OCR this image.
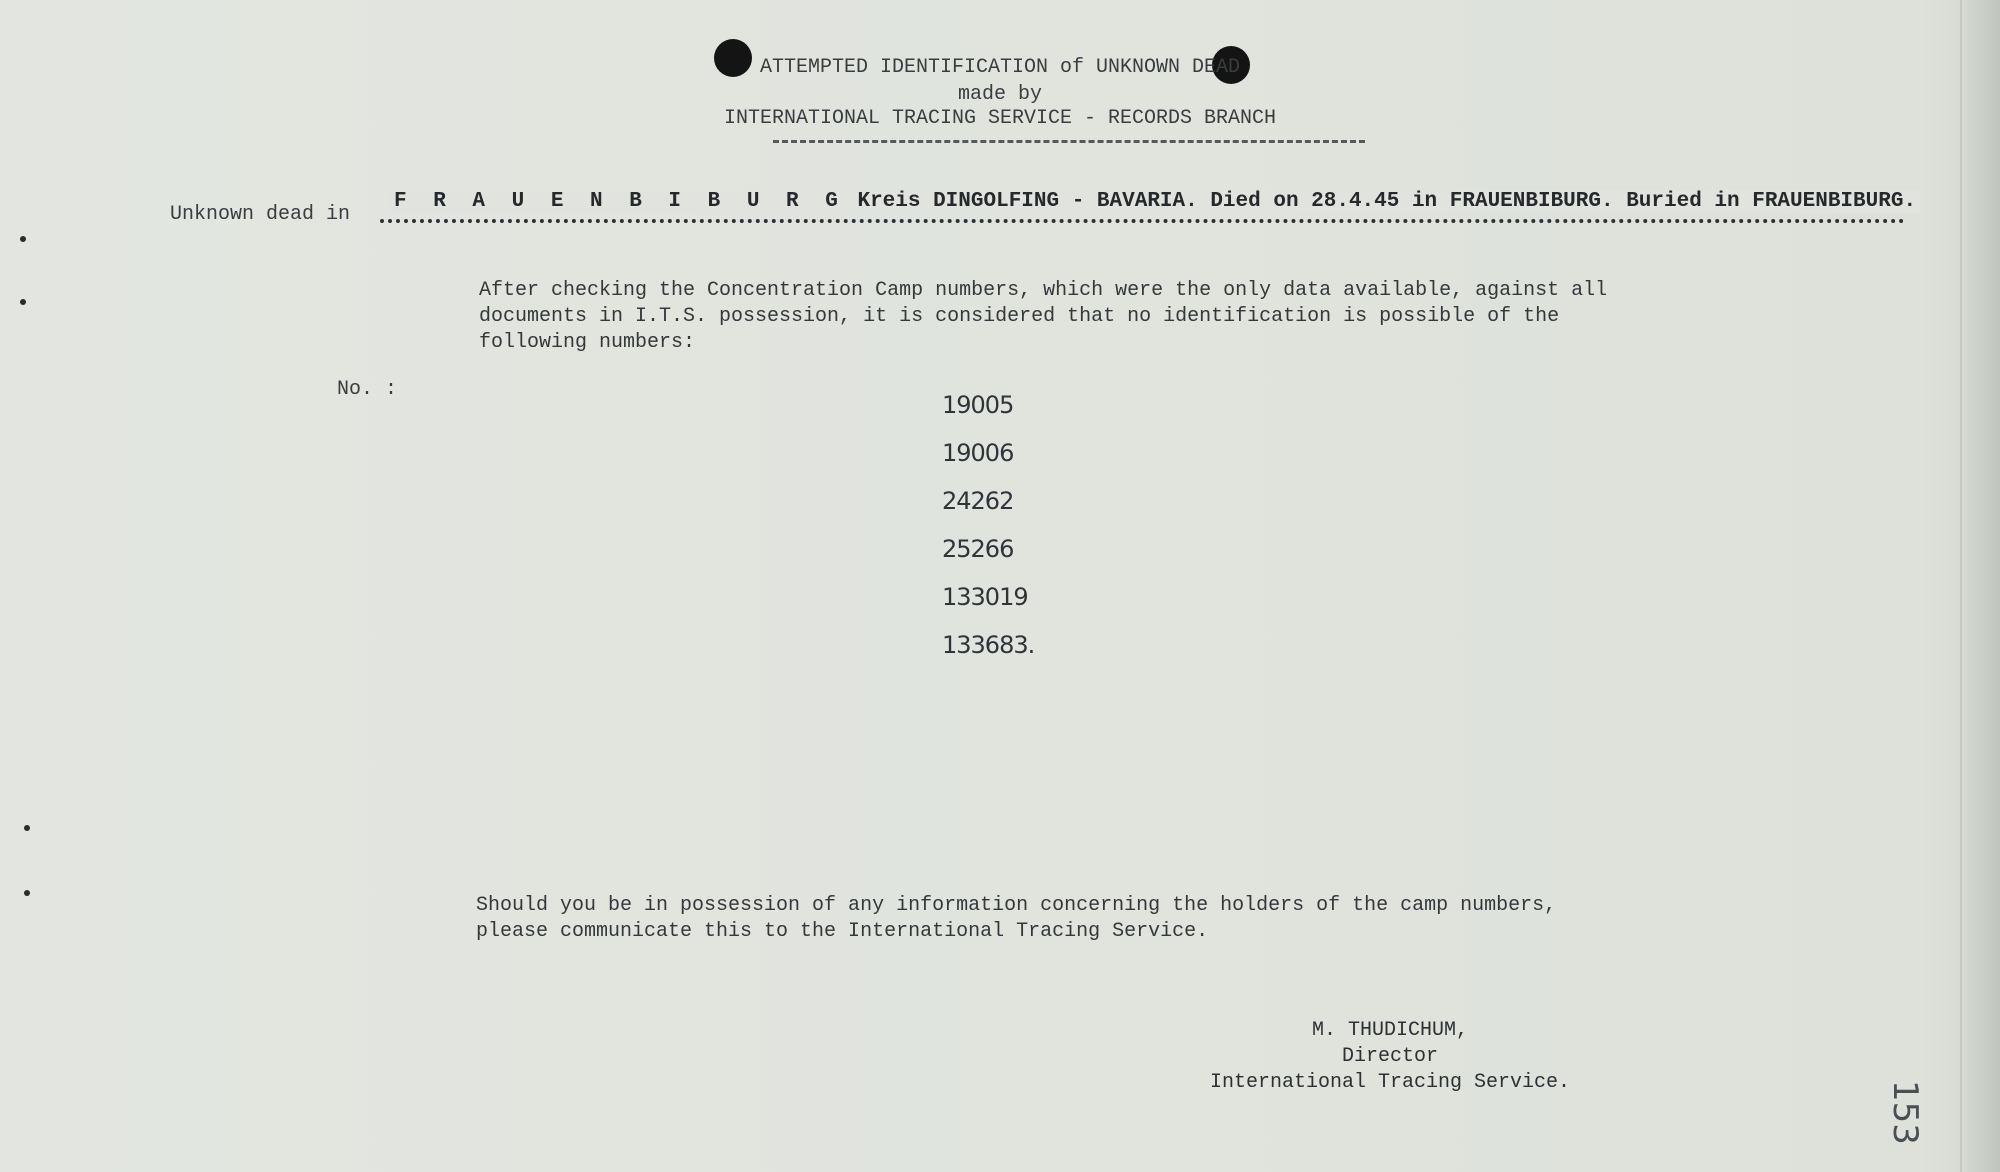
ATTEMPTED IDENTIFICATION of UNKNOWN DEAD
made by
INTERNATIONAL TRACING SERVICE - RECORDS BRANCH
Unknown dead in
F R A U E N B I B U R G Kreis DINGOLFING - BAVARIA. Died on 28.4.45 in FRAUENBIBURG. Buried in FRAUENBIBURG.
After checking the Concentration Camp numbers, which were the only data available, against all
documents in I.T.S. possession, it is considered that no identification is possible of the
following numbers:
No. :
19005
19006
24262
25266
133019
133683.
Should you be in possession of any information concerning the holders of the camp numbers,
please communicate this to the International Tracing Service.
M. THUDICHUM,
Director
International Tracing Service.	153
